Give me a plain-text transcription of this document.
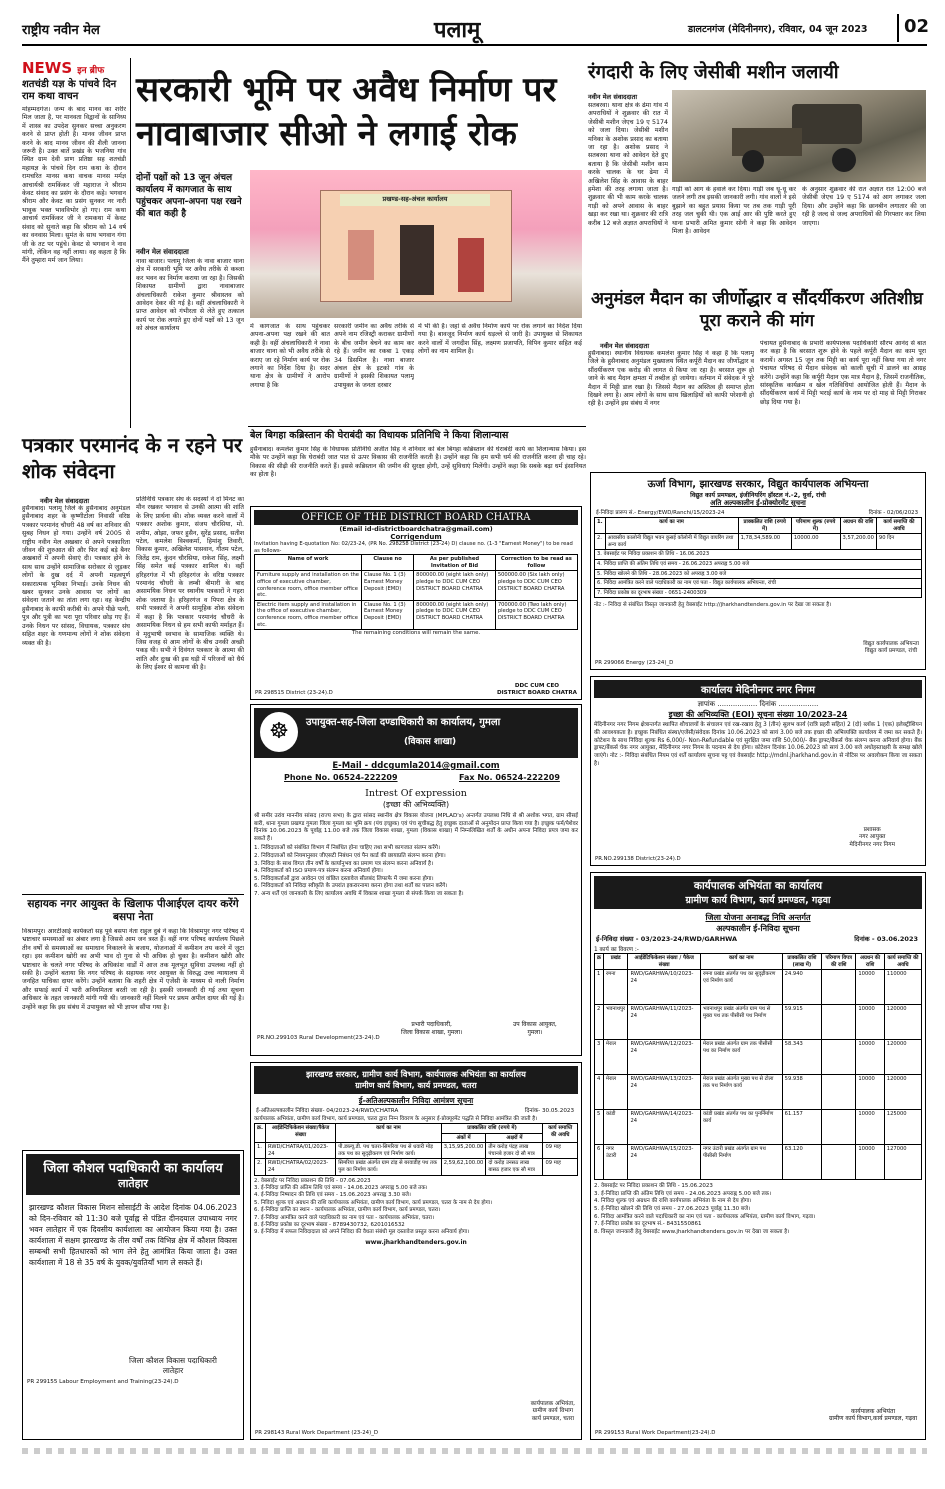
राष्ट्रीय नवीन मेल	पलामू	डालटनगंज (मेदिनीनगर), रविवार, 04 जून 2023 02
NEWS इन ब्रीफ
शतचंडी यज्ञ के पांचवे दिन राम कथा वाचन
मोहम्मदगंज। जन्म के बाद मानव का शरीर मिल जाता है, पर मानवता विद्वानों के सानिध्य में शास्त्र का उपदेश सुनकर सच्चा अनुकरण करने से प्राप्त होती है। मानव जीवन प्राप्त करने के बाद मानव जीवन की शैली जानना जरूरी है। उक्त बातें प्रखंड के भजनिया गांव स्थित ग्राम देवी प्राण प्रतिष्ठा सह शतचंडी महायज्ञ के पांचवे दिन राम कथा के दौरान रामचरित मानस कथा वाचक मानस मर्मज्ञ आचार्यश्री रामकिंकर जी महाराज ने श्रीराम केवट संवाद का प्रसंग के दौरान कहे। भगवान श्रीराम और केवट का प्रसंग सुनकर नर नारी भावुक भक्त भावविभोर हो गए। राम कथा आचार्य रामकिंकर जी ने रामकथा में केवट संवाद को सुनाते कहा कि श्रीराम को 14 वर्ष का वनवास मिला। सुमंत के साथ भगवान गंगा जी के तट पर पहुंचे। केवट से भगवान ने नाव मांगी, लेकिन वह नहीं लाया। वह कहता है कि मैंने तुम्हारा मर्म जान लिया।
सरकारी भूमि पर अवैध निर्माण पर नावाबाजार सीओ ने लगाई रोक
दोनों पक्षों को 13 जून अंचल कार्यालय में कागजात के साथ पहुंचकर अपना-अपना पक्ष रखने की बात कही है
नवीन मेल संवाददाता
नावा बाजार। पलामू जिला के नावा बाजार थाना क्षेत्र में सरकारी भूमि पर अवैध तरीके से कब्जा कर भवन का निर्माण कराया जा रहा है। जिसकी शिकायत ग्रामीणों द्वारा नावाबाजार अंचलाधिकारी राकेश कुमार श्रीवास्तव को आवेदन देकर की गई है। वहीं अंचलाधिकारी ने प्राप्त आवेदन को गंभीरता से लेते हुए तत्काल कार्य पर रोक लगाते हुए दोनों पक्षों को 13 जून को अंचल कार्यालय
प्रखण्ड-सह-अंचल कार्यालय
में कागजात के साथ पहुंचकर अपना-अपना पक्ष रखने की बात कही है। वहीं अंचलाधिकारी ने नावा बाजार थाना को भी अवैध तरीके से कराए जा रहे निर्माण कार्य पर रोक लगाने का निर्देश दिया है। सदर थाना क्षेत्र के ग्रामीणों ने आरोप लगाया है कि
सरकारी जमीन का अवैध तरीके से अपने नाम रजिस्ट्री कराकर ग्रामीणों के बीच जमीन बेचने का काम कर रहे हैं। जमीन का रकबा 1 एकड़ 34 डिसमिल है। नावा बाजार अंचल क्षेत्र के इटको गांव के ग्रामीणों ने इसकी शिकायत पलामू उपायुक्त के जनता दरबार
में भी की है। जहां से अवैध निर्माण कार्य पर रोक लगाने का निर्देश दिया गया है। बावजूद निर्माण कार्य धड़ल्ले से जारी है। उपायुक्त से शिकायत करने वालों में जगदीश सिंह, लक्ष्मण प्रजापति, विपिन कुमार सहित कई लोगों का नाम शामिल है।
रंगदारी के लिए जेसीबी मशीन जलायी
नवीन मेल संवाददाता
सतबरवा। थाना क्षेत्र के ढेमा गांव में अपराधियों ने शुक्रवार की रात में जेसीबी मशीन जेएच 19 ए 5174 को जला दिया। जेसीबी मशीन मनिका के अशोक प्रसाद का बताया जा रहा है। अशोक प्रसाद ने सतबरवा थाना को आवेदन देते हुए बताया है कि जेसीबी मशीन काम करके चालक के घर ढेमा में अखिलेश सिंह के आवास के बाहर हमेशा की तरह लगाया जाता है। शुक्रवार की भी काम करके चालक गाड़ी को अपने आवास के बाहर खड़ा कर रखा था। शुक्रवार की रात्रि करीब 12 बजे अज्ञात अपराधियों ने
गाड़ी को आग के हवाले कर दिया। गाड़ी जब धू-धू कर जलने लगी तब इसकी जानकारी लगी। गांव वालों ने इसे बुझाने का बहुत प्रयास किया पर तब तक गाड़ी पूरी तरह जल चुकी थी। एक आई आर की पुष्टि करते हुए थाना प्रभारी अमित कुमार सोनी ने कहा कि आवेदन मिला है। आवेदन
के अनुसार शुक्रवार की रात अज्ञात रात 12:00 बजे जेसीबी जेएच 19 ए 5174 को आग लगाकर जला दिया। और उन्होंने कहा कि छानबीन लगातार की जा रही है जल्द से जल्द अपराधियों की गिरफ्तार कर लिया जाएगा।
अनुमंडल मैदान का जीर्णोद्धार व सौंदर्यीकरण अतिशीघ्र पूरा कराने की मांग
नवीन मेल संवाददाता
हुसैनाबाद। स्थानीय विधायक कमलेश कुमार सिंह ने कहा है कि पलामू जिले के हुसैनाबाद अनुमंडल मुख्यालय स्थित कर्पूरी मैदान का जीर्णोद्धार व सौंदर्यीकरण एक करोड़ की लागत से किया जा रहा है। बरसात शुरू हो जाने के बाद मैदान क्षमता में तब्दील हो जायेगा। वर्तमान में संवेदक ने पूरे मैदान में मिट्टी डाल रखा है। जिससे मैदान का अस्तित्व ही समाप्त होता दिखने लगा है। आम लोगों के साथ साथ खिलाड़ियों को काफी परेशानी हो रही है। उन्होंने इस संबंध में नगर
पंचायत हुसैनाबाद के प्रभारी कार्यपालक पदाधिकारी सौरभ आनंद से बात कर कहा है कि बरसात शुरू होने के पहले कर्पूरी मैदान का काम पूरा करायें। अगस्त 15 जून तक मिट्टी का कार्य पूरा नहीं किया गया तो नगर पंचायत परिषद से मैदान संवेदक को काली सूची में डालने का आग्रह करेंगे। उन्होंने कहा कि कर्पूरी मैदान एक मात्र मैदान है, जिसमें राजनीतिक, सांस्कृतिक कार्यक्रम व खेल गतिविधियां आयोजित होती हैं। मैदान के सौंदर्यीकरण कार्य में मिट्टी भराई कार्य के नाम पर दो माह से मिट्टी गिराकर छोड़ दिया गया है।
बेल बिगहा कब्रिस्तान की घेराबंदी का विधायक प्रतिनिधि ने किया शिलान्यास
हुसैनाबाद। कमलेश कुमार सिंह के विधायक प्रतिनिधि अजीत सिंह ने शनिवार को बेल बिगहा कब्रिस्तान की घेराबंदी कार्य का शिलान्यास किया। इस मौके पर उन्होंने कहा कि घेराबंदी जात पात से ऊपर विकास की राजनीति करती है। उन्होंने कहा कि हम सभी धर्म की राजनीति करना ही चाह रहे। विकास की सीढ़ी की राजनीति करते हैं। इससे कब्रिस्तान की जमीन की सुरक्षा होगी, उन्हें सुविधाएं मिलेंगी। उन्होंने कहा कि सबके बढ़ा धर्म इंसानियत का होता है।
पत्रकार परमानंद के न रहने पर शोक संवेदना
नवीन मेल संवाददाता
हुसैनाबाद। पलामू जिले के हुसैनाबाद अनुमंडल हुसैनाबाद शहर के कृष्णीटोला निवासी वरिष्ठ पत्रकार परमानंद चौधरी 48 वर्ष का शनिवार की सुबह निधन हो गया। उन्होंने वर्ष 2005 से राष्ट्रीय नवीन मेल अखबार से अपने पत्रकारिता जीवन की शुरुआत की और फिर कई बड़े बैनर अखबारों में अपनी सेवाएं दी। पत्रकार होने के साथ साथ उन्होंने सामाजिक सरोकार से जुड़कर लोगों के दुख दर्द में अपनी महत्वपूर्ण सकारात्मक भूमिका निभाई। उनके निधन की खबर सुनकर उनके आवास पर लोगों का संवेदना जताने का तांता लगा रहा। वह केन्द्रीय हुसैनाबाद के काफी करीबी थे। अपने पीछे पत्नी, पुत्र और पुत्री का भरा पूरा परिवार छोड़ गए हैं। उनके निधन पर सांसद, विधायक, पत्रकार संघ सहित शहर के गणमान्य लोगों ने शोक संवेदना व्यक्त की है।
प्रतिनिधि पत्रकार संघ के सदस्यों ने दो मिनट का मौन रखकर भगवान से उनकी आत्मा की शांति के लिए प्रार्थना की। शोक व्यक्त करने वालों में पत्रकार अशोक कुमार, संजय चौरसिया, मो. शमीम, ओझा, जफर हुसैन, सुरेंद्र प्रसाद, सतीश पटेल, कमलेश विश्वकर्मा, हिमांशु तिवारी, विकास कुमार, अखिलेश पासवान, गौतम पटेल, जितेंद्र राम, कुंदन चौरसिया, राकेश सिंह, लक्ष्मी सिंह समेत कई पत्रकार शामिल थे। वहीं हरिहरगंज में भी हरिहरगंज के वरिष्ठ पत्रकार परमानंद चौधरी के लम्बी बीमारी के बाद असामयिक निधन पर स्थानीय पत्रकारों ने गहरा शोक जताया है। हरिहरगंज व पिपरा क्षेत्र के सभी पत्रकारों ने अपनी सामूहिक शोक संवेदना में कहा है कि पत्रकार परमानंद चौधरी के असामयिक निधन से हम सभी काफी मर्माहत हैं। वे मृदुभाषी स्वभाव के सामाजिक व्यक्ति थे। जिस वजह से आम लोगों के बीच उनकी अच्छी पकड़ थी। सभी ने दिवंगत पत्रकार के आत्मा की शांति और दुःख की इस घड़ी में परिजनों को धैर्य के लिए ईश्वर से कामना की है।
सहायक नगर आयुक्त के खिलाफ पीआईएल दायर करेंगे बसपा नेता
विश्रामपुर। आरटीआई कार्यकर्ता सह पूर्व बसपा नेता राहुल दुबे ने कहा कि विश्रामपुर नगर परिषद में भ्रष्टाचार समस्याओं का अंबार लगा है जिससे आम जन त्रस्त हैं। वहीं नगर परिषद कार्यालय पिछले तीन वर्षों से समस्याओं का समाधान निकालने के बजाय, योजनाओं में कमीशन तय करने में जुटा रहा। इस कमीशन खोरी का अभी भाव दो गुना से भी अधिक हो चुका है। कमीशन खोरी और भ्रष्टाचार के चलते नगर परिषद के अधिकांश वार्डों में आज तक मूलभूत सुविधा उपलब्ध नहीं हो सकी है। उन्होंने बताया कि नगर परिषद के सहायक नगर आयुक्त के विरुद्ध उच्च न्यायालय में जनहित याचिका दायर करेंगे। उन्होंने बताया कि शहरी क्षेत्र में एजेंसी के माध्यम से नाली निर्माण और सफाई कार्य में भारी अनियमितता बरती जा रही है। इसकी जानकारी दी गई तथा सूचना अधिकार के तहत जानकारी मांगी गयी थी। जानकारी नहीं मिलने पर प्रथम अपील दायर की गई है। उन्होंने कहा कि इस संबंध में उपायुक्त को भी ज्ञापन सौंपा गया है।
जिला कौशल पदाधिकारी का कार्यालय
लातेहार
झारखण्ड कौशल विकास मिशन सोसाईटी के आदेश दिनांक 04.06.2023 को दिन-रविवार को 11:30 बजे पूर्वाह्न से पंडित दीनदयाल उपाध्याय नगर भवन लातेहार में एक दिवसीय कार्यशाला का आयोजन किया गया है। उक्त कार्यशाला में सक्षम झारखण्ड के तीस वर्षों तक विभिन्न क्षेत्र में कौशल विकास सम्बन्धी सभी हितधारकों को भाग लेने हेतु आमंत्रित किया जाता है। उक्त कार्यशाला में 18 से 35 वर्ष के युवक/युवतियाँ भाग ले सकते हैं।
जिला कौशल विकास पदाधिकारी
लातेहार
PR 299155 Labour Employment and Training(23-24).D
OFFICE OF THE DISTRICT BOARD CHATRA
(Email id-districtboardchatra@gmail.com)
Corrigendum
Invitation having E-quotation No: 02/23-24, (PR No. 298258 District (23-24) D) clause no. (1-3 "Earnest Money") to be read as follows-
Name of work	Clause no	As per published Invitation of Bid	Correction to be read as follow
Furniture supply and installation on the office of executive chamber, conference room, office member office etc.	Clause No. 1 (3) Earnest Money Deposit (EMD)	800000.00 (eight lakh only) pledge to DDC CUM CEO DISTRICT BOARD CHATRA	500000.00 (Six lakh only) pledge to DDC CUM CEO DISTRICT BOARD CHATRA
Electric item supply and installation in the office of executive chamber, conference room, office member office etc.	Clause No. 1 (3) Earnest Money Deposit (EMD)	800000.00 (eight lakh only) pledge to DDC CUM CEO DISTRICT BOARD CHATRA	700000.00 (Two lakh only) pledge to DDC CUM CEO DISTRICT BOARD CHATRA
The remaining conditions will remain the same.
PR 298515 District (23-24).D
DDC CUM CEO
DISTRICT BOARD CHATRA
☸	उपायुक्त-सह-जिला दण्डाधिकारी का कार्यालय, गुमला
(विकास शाखा)
E-Mail - ddcgumla2014@gmail.com
Phone No. 06524-222209	Fax No. 06524-222209
Intrest Of expression
(इच्छा की अभिव्यक्ति)
श्री समीर उरांव माननीय सांसद (राज्य सभा) के द्वारा सांसद स्थानीय क्षेत्र विकास योजना (MPLAD's) अन्तर्गत उपलब्ध निधि से श्री अशोक भगत, ग्राम सीसई बारी, थाना गुमला प्रखण्ड गुमला जिला गुमला का भूमि क्रय (पंच इच्छुक) एवं पंच सूचीबद्ध हेतु इच्छुक दाताओं से अनुमोदन प्राप्त किया गया है। इच्छुक फर्म/पेशेवर दिनांक 10.06.2023 के पूर्वाह्न 11.00 बजे तक जिला विकास शाखा, गुमला (विकास शाखा) में निम्नलिखित शर्तों के अधीन अपना निविदा प्रपत्र जमा कर सकते हैं।
1. निविदाताओं को संबंधित विभाग में निबंधित होना चाहिए तथा सभी कागजात संलग्न करेंगे।
2. निविदाताओं को नियमानुसार जीएसटी निबंधन एवं पैन कार्ड की छायाप्रति संलग्न करना होगा।
3. निविदा के साथ विगत तीन वर्षों के कार्यानुभव का प्रमाण पत्र संलग्न करना अनिवार्य है।
4. निविदाकर्ता को ISO प्रमाण-पत्र संलग्न करना अनिवार्य होगा।
5. निविदाकर्ताओं द्वारा आवेदन एवं वांछित दस्तावेज सीलबंद लिफाफे में जमा करना होगा।
6. निविदाकर्ता को निविदा स्वीकृति के उपरांत इकरारनामा करना होगा तथा शर्तों का पालन करेंगे।
7. अन्य शर्तें एवं जानकारी के लिए कार्यालय अवधि में विकास शाखा गुमला से संपर्क किया जा सकता है।
प्रभारी पदाधिकारी,
जिला विकास शाखा, गुमला।
उप विकास आयुक्त,
गुमला।
PR.NO.299103 Rural Development(23-24).D
झारखण्ड सरकार, ग्रामीण कार्य विभाग, कार्यपालक अभियंता का कार्यालय
ग्रामीण कार्य विभाग, कार्य प्रमण्डल, चतरा
ई-अतिअल्पकालीन निविदा आमंत्रण सूचना
ई-अतिअल्पकालीन निविदा संख्या- 04/2023-24/RWD/CHATRA	दिनांक- 30.05.2023
कार्यपालक अभियंता, ग्रामीण कार्य विभाग, कार्य प्रमण्डल, चतरा द्वारा निम्न विवरण के अनुसार ई-प्रोक्यूरमेंट पद्धति से निविदा आमंत्रित की जाती है।
क्र.	आईडेन्टिफिकेशन संख्या/पैकेज संख्या	कार्य का नाम	प्राक्कलित राशि (रुपये में)		कार्य समाप्ति की अवधि
			अंकों में	अक्षरों में	
1.	RWD/CHATRA/01/2023-24	पी.डब्ल्यू.डी. पथ चतरा-सिमरिया पथ से धवारी मोड़ तक पथ का सुदृढ़ीकरण एवं निर्माण कार्य।	3,15,95,200.00	तीन करोड़ पंद्रह लाख पंचानबे हजार दो सौ मात्र	09 माह
2.	RWD/CHATRA/02/2023-24	सिमरिया प्रखंड अंतर्गत ग्राम टांड़ से बरवाडीह पथ तक पुल का निर्माण कार्य।	2,59,62,100.00	दो करोड़ उनसठ लाख बासठ हजार एक सौ मात्र	09 माह
2. वेबसाईट पर निविदा प्रकाशन की तिथि - 07.06.2023
3. ई-निविदा प्राप्ति की अंतिम तिथि एवं समय - 14.06.2023 अपराह्न 5.00 बजे तक।
4. ई-निविदा निष्पादन की तिथि एवं समय - 15.06.2023 अपराह्न 3.30 बजे।
5. निविदा शुल्क एवं अग्रधन की राशि कार्यपालक अभियंता, ग्रामीण कार्य विभाग, कार्य प्रमण्डल, चतरा के नाम से देय होगा।
6. ई-निविदा प्राप्ति का स्थान - कार्यपालक अभियंता, ग्रामीण कार्य विभाग, कार्य प्रमण्डल, चतरा।
7. ई-निविदा आमंत्रित करने वाले पदाधिकारी का नाम एवं पता - कार्यपालक अभियंता, चतरा।
8. ई-निविदा प्रकोष्ठ का दूरभाष संख्या - 8789430732, 6201016532
9. ई-निविदा में सफल निविदादाता को अपने निविदा की वैधता संबंधी मूल दस्तावेज प्रस्तुत करना अनिवार्य होगा।
www.jharkhandtenders.gov.in
कार्यपालक अभियंता,
ग्रामीण कार्य विभाग
कार्य प्रमण्डल, चतरा
PR 298143 Rural Work Department (23-24)_D
ऊर्जा विभाग, झारखण्ड सरकार, विद्युत कार्यपालक अभियन्ता
विद्युत कार्य प्रमण्डल, इंजीनियरिंग हॉस्टल नं.-2, धुर्वा, रांची
अति अल्पकालीन ई-प्रोक्योरमेंट सूचना
ई-निविदा प्रारूप सं.- Energy/EWD/Ranchi/15/2023-24	दिनांक - 02/06/2023
1.	कार्य का नाम	प्राक्कलित राशि (रुपये में)	परिमाण शुल्क (रुपये में)	अग्रधन की राशि	कार्य समाप्ति की अवधि
2.	आवासीय कालोनी विद्युत भवन कुसई कॉलोनी में विद्युत वायरिंग तथा अन्य कार्य	1,78,34,589.00	10000.00	3,57,200.00	90 दिन
3. वेबसाईट पर निविदा प्रकाशन की तिथि - 16.06.2023					
4. निविदा प्राप्ति की अंतिम तिथि एवं समय - 26.06.2023 अपराह्न 5.00 बजे					
5. निविदा खोलने की तिथि - 28.06.2023 को अपराह्न 3.00 बजे					
6. निविदा आमंत्रित करने वाले पदाधिकारी का नाम एवं पता - विद्युत कार्यपालक अभियन्ता, रांची					
7. निविदा प्रकोष्ठ का दूरभाष संख्या - 0651-2400309					
नोट :- निविदा से संबंधित विस्तृत जानकारी हेतु वेबसाईट http://jharkhandtenders.gov.in पर देखा जा सकता है।
विद्युत कार्यपालक अभियन्ता
विद्युत कार्य प्रमण्डल, रांची
PR 299066 Energy (23-24)_D
कार्यालय मेदिनीनगर नगर निगम
ज्ञापांक .................. दिनांक ..................
इच्छा की अभिव्यक्ति (EOI) सूचना संख्या 10/2023-24
मेदिनीनगर नगर निगम क्षेत्रान्तर्गत स्थापित शौचालयों के संचालन एवं रख-रखाव हेतु 3 (तीन) सुलभ कार्य (रात्रि प्रहरी सहित) 2 (दो) ब्लाॅक 1 (एक) इलेक्ट्रीशियन की आवश्यकता है। इच्छुक निबंधित संस्था/एजेंसी/संवेदक दिनांक 10.06.2023 को सायं 3.00 बजे तक इच्छा की अभिव्यक्ति कार्यालय में जमा कर सकते हैं। कोटेशन के साथ निविदा शुल्क Rs 6,000/- Non-Refundable एवं सुरक्षित जमा राशि 50,000/- बैंक ड्राफ्ट/बैंकर्स चेक संलग्न करना अनिवार्य होगा। बैंक ड्राफ्ट/बैंकर्स चेक नगर आयुक्त, मेदिनीनगर नगर निगम के पदनाम से देय होगा। कोटेशन दिनांक 10.06.2023 को सायं 3.00 बजे अधोहस्ताक्षरी के समक्ष खोले जाएंगे। नोट :- निविदा संबंधित नियम एवं शर्तें कार्यालय सूचना पट्ट एवं वेबसाईट http://mdnl.jharkhand.gov.in से नोटिस पर अवलोकन किया जा सकता है।
प्रशासक
नगर आयुक्त
मेदिनीनगर नगर निगम
PR.NO.299138 District(23-24).D
कार्यपालक अभियंता का कार्यालय
ग्रामीण कार्य विभाग, कार्य प्रमण्डल, गढ़वा
जिला योजना अनाबद्ध निधि अन्तर्गत
अल्पकालीन ई-निविदा सूचना
ई-निविदा संख्या - 03/2023-24/RWD/GARHWA	दिनांक - 03.06.2023
1 कार्य का विवरण :-
क्र	प्रखंड	आईडेंटिफिकेशन संख्या / पैकेज संख्या	कार्य का नाम	प्राक्कलित राशि (लाख में)	परिमाण विपत्र की राशि	अग्रधन की राशि	कार्य समाप्ति की अवधि
1	रमना	RWD/GARHWA/10/2023-24	रमना प्रखंड अंतर्गत पथ का सुदृढ़ीकरण एवं निर्माण कार्य	24.940		10000	110000
2	भवनाथपुर	RWD/GARHWA/11/2023-24	भवनाथपुर प्रखंड अंतर्गत ग्राम पथ से मुख्य पथ तक पीसीसी पथ निर्माण	59.915		10000	120000
3	मेराल	RWD/GARHWA/12/2023-24	मेराल प्रखंड अंतर्गत ग्राम तक पीसीसी पथ का निर्माण कार्य	58.343		10000	120000
4	मेराल	RWD/GARHWA/13/2023-24	मेराल प्रखंड अंतर्गत मुख्य पथ से टोला तक पथ निर्माण कार्य	59.938		10000	120000
5	कांडी	RWD/GARHWA/14/2023-24	कांडी प्रखंड अंतर्गत पथ का पुनर्निर्माण कार्य	61.157		10000	125000
6	नगर उंटारी	RWD/GARHWA/15/2023-24	नगर उंटारी प्रखंड अंतर्गत ग्राम पथ पीसीसी निर्माण	63.120		10000	127000
2. वेबसाईट पर निविदा प्रकाशन की तिथि - 15.06.2023
3. ई-निविदा प्राप्ति की अंतिम तिथि एवं समय - 24.06.2023 अपराह्न 5.00 बजे तक।
4. निविदा शुल्क एवं अग्रधन की राशि कार्यपालक अभियंता के नाम से देय होगा।
5. ई-निविदा खोलने की तिथि एवं समय - 27.06.2023 पूर्वाह्न 11.30 बजे।
6. निविदा आमंत्रित करने वाले पदाधिकारी का नाम एवं पता - कार्यपालक अभियंता, ग्रामीण कार्य विभाग, गढ़वा।
7. ई-निविदा प्रकोष्ठ का दूरभाष सं.- 8431550861
8. विस्तृत जानकारी हेतु वेबसाईट www.jharkhandtenders.gov.in पर देखा जा सकता है।
कार्यपालक अभियंता
ग्रामीण कार्य विभाग,कार्य प्रमण्डल, गढ़वा
PR 299153 Rural Work Department(23-24).D
